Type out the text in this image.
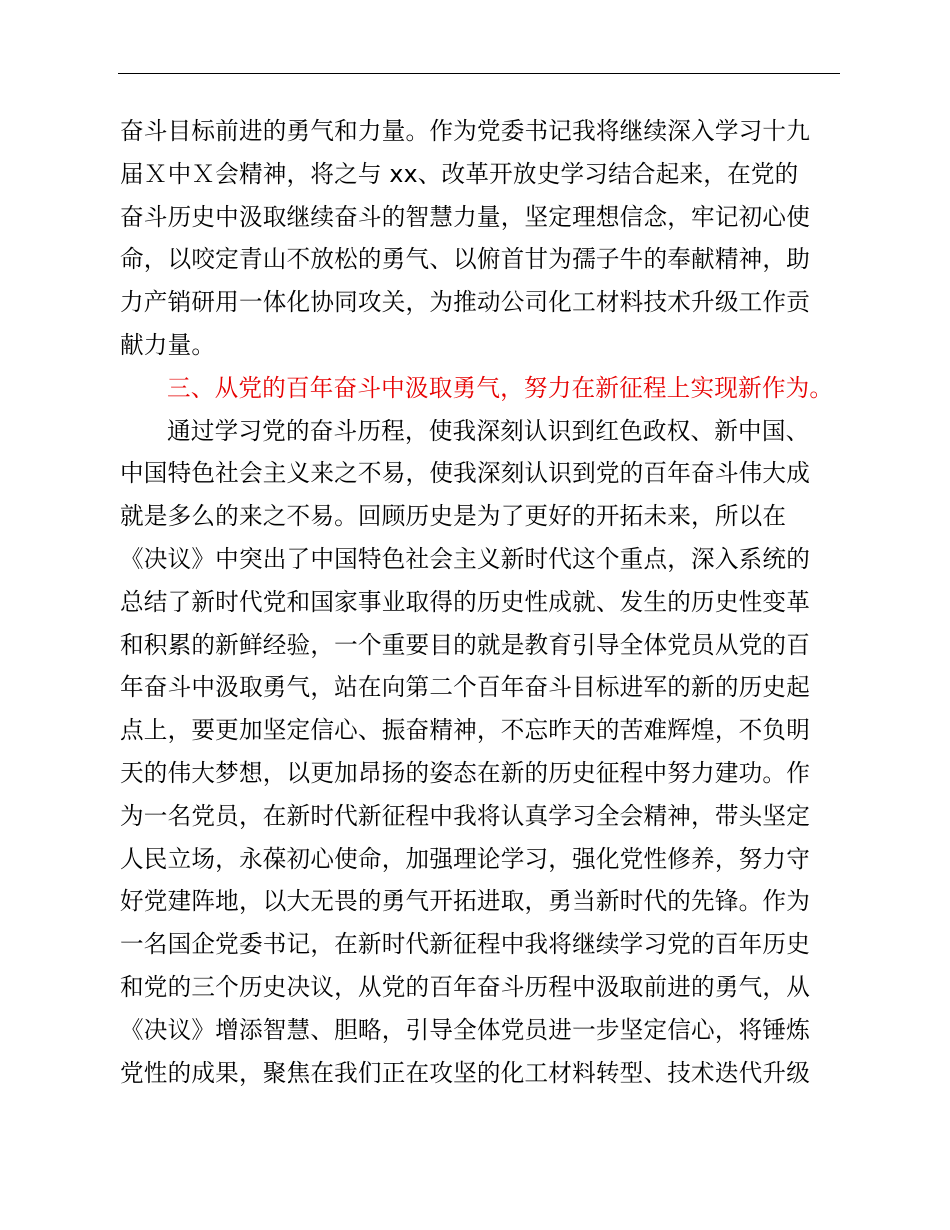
奋斗目标前进的勇气和力量。作为党委书记我将继续深入学习十九
届Ｘ中Ｘ会精神，将之与 xx、改革开放史学习结合起来，在党的
奋斗历史中汲取继续奋斗的智慧力量，坚定理想信念，牢记初心使
命，以咬定青山不放松的勇气、以俯首甘为孺子牛的奉献精神，助
力产销研用一体化协同攻关，为推动公司化工材料技术升级工作贡
献力量。
三、从党的百年奋斗中汲取勇气，努力在新征程上实现新作为。
通过学习党的奋斗历程，使我深刻认识到红色政权、新中国、
中国特色社会主义来之不易，使我深刻认识到党的百年奋斗伟大成
就是多么的来之不易。回顾历史是为了更好的开拓未来，所以在
《决议》中突出了中国特色社会主义新时代这个重点，深入系统的
总结了新时代党和国家事业取得的历史性成就、发生的历史性变革
和积累的新鲜经验，一个重要目的就是教育引导全体党员从党的百
年奋斗中汲取勇气，站在向第二个百年奋斗目标进军的新的历史起
点上，要更加坚定信心、振奋精神，不忘昨天的苦难辉煌，不负明
天的伟大梦想，以更加昂扬的姿态在新的历史征程中努力建功。作
为一名党员，在新时代新征程中我将认真学习全会精神，带头坚定
人民立场，永葆初心使命，加强理论学习，强化党性修养，努力守
好党建阵地，以大无畏的勇气开拓进取，勇当新时代的先锋。作为
一名国企党委书记，在新时代新征程中我将继续学习党的百年历史
和党的三个历史决议，从党的百年奋斗历程中汲取前进的勇气，从
《决议》增添智慧、胆略，引导全体党员进一步坚定信心，将锤炼
党性的成果，聚焦在我们正在攻坚的化工材料转型、技术迭代升级
